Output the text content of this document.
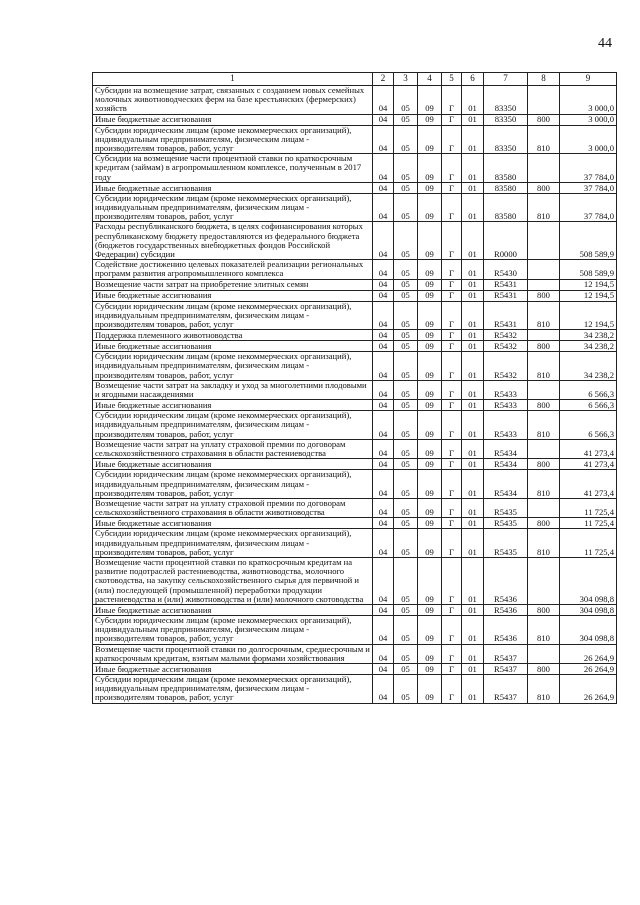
44
1	2	3	4	5	6	7	8	9
Субсидии на возмещение затрат, связанных с созданием новых семейных молочных животноводческих ферм на базе крестьянских (фермерских) хозяйств	04	05	09	Г	01	83350		3 000,0
Иные бюджетные ассигнования	04	05	09	Г	01	83350	800	3 000,0
Субсидии юридическим лицам (кроме некоммерческих организаций), индивидуальным предпринимателям, физическим лицам - производителям товаров, работ, услуг	04	05	09	Г	01	83350	810	3 000,0
Субсидии на возмещение части процентной ставки по краткосрочным кредитам (займам) в агропромышленном комплексе, полученным в 2017 году	04	05	09	Г	01	83580		37 784,0
Иные бюджетные ассигнования	04	05	09	Г	01	83580	800	37 784,0
Субсидии юридическим лицам (кроме некоммерческих организаций), индивидуальным предпринимателям, физическим лицам - производителям товаров, работ, услуг	04	05	09	Г	01	83580	810	37 784,0
Расходы республиканского бюджета, в целях софинансирования которых республиканскому бюджету предоставляются из федерального бюджета (бюджетов государственных внебюджетных фондов Российской Федерации) субсидии	04	05	09	Г	01	R0000		508 589,9
Содействие достижению целевых показателей реализации региональных программ развития агропромышленного комплекса	04	05	09	Г	01	R5430		508 589,9
Возмещение части затрат на приобретение элитных семян	04	05	09	Г	01	R5431		12 194,5
Иные бюджетные ассигнования	04	05	09	Г	01	R5431	800	12 194,5
Субсидии юридическим лицам (кроме некоммерческих организаций), индивидуальным предпринимателям, физическим лицам - производителям товаров, работ, услуг	04	05	09	Г	01	R5431	810	12 194,5
Поддержка племенного животноводства	04	05	09	Г	01	R5432		34 238,2
Иные бюджетные ассигнования	04	05	09	Г	01	R5432	800	34 238,2
Субсидии юридическим лицам (кроме некоммерческих организаций), индивидуальным предпринимателям, физическим лицам - производителям товаров, работ, услуг	04	05	09	Г	01	R5432	810	34 238,2
Возмещение части затрат на закладку и уход за многолетними плодовыми и ягодными насаждениями	04	05	09	Г	01	R5433		6 566,3
Иные бюджетные ассигнования	04	05	09	Г	01	R5433	800	6 566,3
Субсидии юридическим лицам (кроме некоммерческих организаций), индивидуальным предпринимателям, физическим лицам - производителям товаров, работ, услуг	04	05	09	Г	01	R5433	810	6 566,3
Возмещение части затрат на уплату страховой премии по договорам сельскохозяйственного страхования в области растениеводства	04	05	09	Г	01	R5434		41 273,4
Иные бюджетные ассигнования	04	05	09	Г	01	R5434	800	41 273,4
Субсидии юридическим лицам (кроме некоммерческих организаций), индивидуальным предпринимателям, физическим лицам - производителям товаров, работ, услуг	04	05	09	Г	01	R5434	810	41 273,4
Возмещение части затрат на уплату страховой премии по договорам сельскохозяйственного страхования в области животноводства	04	05	09	Г	01	R5435		11 725,4
Иные бюджетные ассигнования	04	05	09	Г	01	R5435	800	11 725,4
Субсидии юридическим лицам (кроме некоммерческих организаций), индивидуальным предпринимателям, физическим лицам - производителям товаров, работ, услуг	04	05	09	Г	01	R5435	810	11 725,4
Возмещение части процентной ставки по краткосрочным кредитам на развитие подотраслей растениеводства, животноводства, молочного скотоводства, на закупку сельскохозяйственного сырья для первичной и (или) последующей (промышленной) переработки продукции растениеводства и (или) животноводства и (или) молочного скотоводства	04	05	09	Г	01	R5436		304 098,8
Иные бюджетные ассигнования	04	05	09	Г	01	R5436	800	304 098,8
Субсидии юридическим лицам (кроме некоммерческих организаций), индивидуальным предпринимателям, физическим лицам - производителям товаров, работ, услуг	04	05	09	Г	01	R5436	810	304 098,8
Возмещение части процентной ставки по долгосрочным, среднесрочным и краткосрочным кредитам, взятым малыми формами хозяйствования	04	05	09	Г	01	R5437		26 264,9
Иные бюджетные ассигнования	04	05	09	Г	01	R5437	800	26 264,9
Субсидии юридическим лицам (кроме некоммерческих организаций), индивидуальным предпринимателям, физическим лицам - производителям товаров, работ, услуг	04	05	09	Г	01	R5437	810	26 264,9
